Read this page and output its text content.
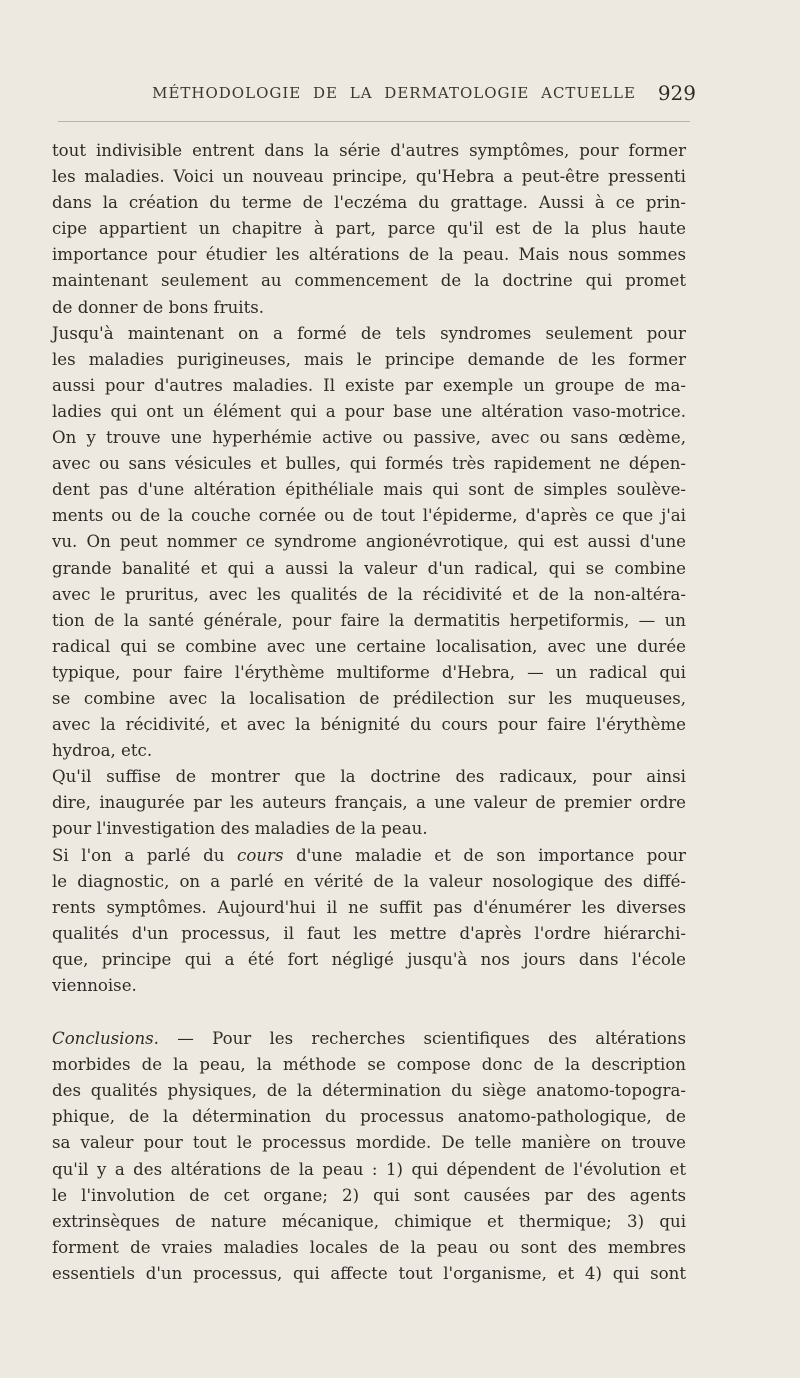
MÉTHODOLOGIE DE LA DERMATOLOGIE ACTUELLE	929
tout indivisible entrent dans la série d'autres symptômes, pour former
les maladies. Voici un nouveau principe, qu'Hebra a peut-être pressenti
dans la création du terme de l'eczéma du grattage. Aussi à ce prin-
cipe appartient un chapitre à part, parce qu'il est de la plus haute
importance pour étudier les altérations de la peau. Mais nous sommes
maintenant seulement au commencement de la doctrine qui promet
de donner de bons fruits.
Jusqu'à maintenant on a formé de tels syndromes seulement pour
les maladies purigineuses, mais le principe demande de les former
aussi pour d'autres maladies. Il existe par exemple un groupe de ma-
ladies qui ont un élément qui a pour base une altération vaso-motrice.
On y trouve une hyperhémie active ou passive, avec ou sans œdème,
avec ou sans vésicules et bulles, qui formés très rapidement ne dépen-
dent pas d'une altération épithéliale mais qui sont de simples soulève-
ments ou de la couche cornée ou de tout l'épiderme, d'après ce que j'ai
vu. On peut nommer ce syndrome angionévrotique, qui est aussi d'une
grande banalité et qui a aussi la valeur d'un radical, qui se combine
avec le pruritus, avec les qualités de la récidivité et de la non-altéra-
tion de la santé générale, pour faire la dermatitis herpetiformis, — un
radical qui se combine avec une certaine localisation, avec une durée
typique, pour faire l'érythème multiforme d'Hebra, — un radical qui
se combine avec la localisation de prédilection sur les muqueuses,
avec la récidivité, et avec la bénignité du cours pour faire l'érythème
hydroa, etc.
Qu'il suffise de montrer que la doctrine des radicaux, pour ainsi
dire, inaugurée par les auteurs français, a une valeur de premier ordre
pour l'investigation des maladies de la peau.
Si l'on a parlé du cours d'une maladie et de son importance pour
le diagnostic, on a parlé en vérité de la valeur nosologique des diffé-
rents symptômes. Aujourd'hui il ne suffit pas d'énumérer les diverses
qualités d'un processus, il faut les mettre d'après l'ordre hiérarchi-
que, principe qui a été fort négligé jusqu'à nos jours dans l'école
viennoise.
Conclusions. — Pour les recherches scientifiques des altérations
morbides de la peau, la méthode se compose donc de la description
des qualités physiques, de la détermination du siège anatomo-topogra-
phique, de la détermination du processus anatomo-pathologique, de
sa valeur pour tout le processus mordide. De telle manière on trouve
qu'il y a des altérations de la peau : 1) qui dépendent de l'évolution et
le l'involution de cet organe; 2) qui sont causées par des agents
extrinsèques de nature mécanique, chimique et thermique; 3) qui
forment de vraies maladies locales de la peau ou sont des membres
essentiels d'un processus, qui affecte tout l'organisme, et 4) qui sont
